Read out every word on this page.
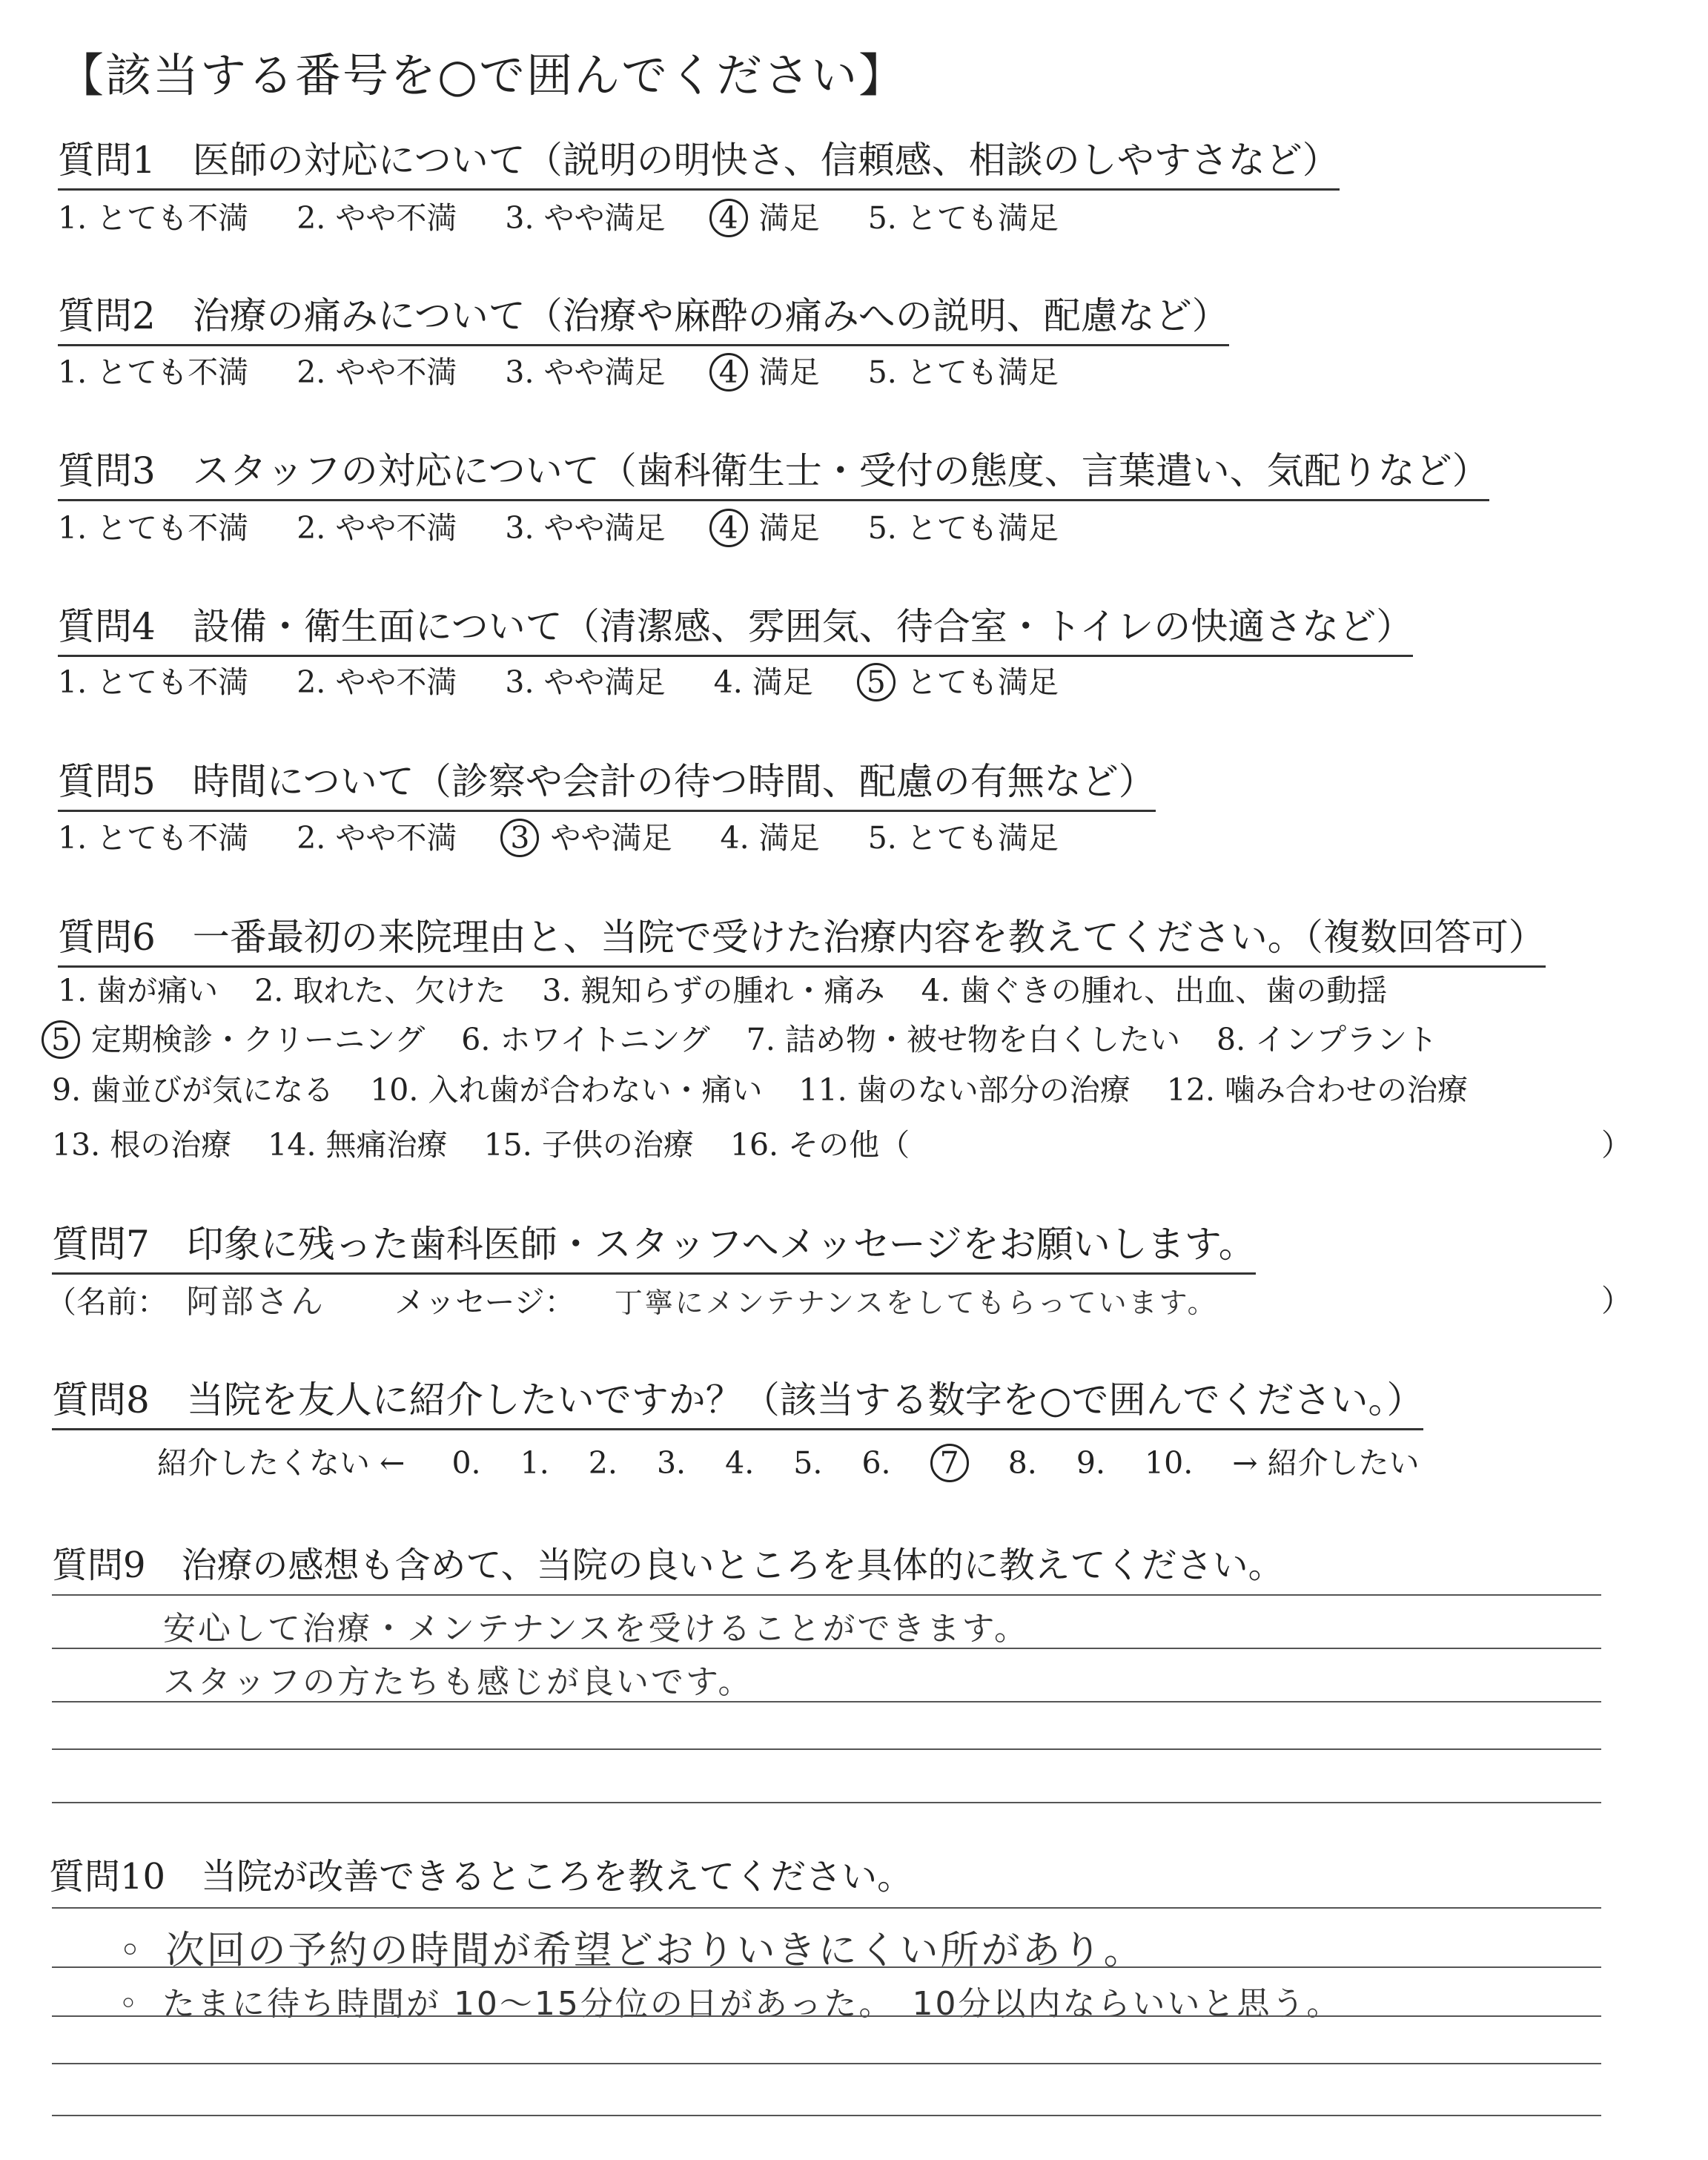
【該当する番号を○で囲んでください】
質問1　医師の対応について（説明の明快さ、信頼感、相談のしやすさなど）
1. とても不満 2. やや不満 3. やや満足 4 満足 5. とても満足
質問2　治療の痛みについて（治療や麻酔の痛みへの説明、配慮など）
1. とても不満 2. やや不満 3. やや満足 4 満足 5. とても満足
質問3　スタッフの対応について（歯科衛生士・受付の態度、言葉遣い、気配りなど）
1. とても不満 2. やや不満 3. やや満足 4 満足 5. とても満足
質問4　設備・衛生面について（清潔感、雰囲気、待合室・トイレの快適さなど）
1. とても不満 2. やや不満 3. やや満足 4. 満足 5 とても満足
質問5　時間について（診察や会計の待つ時間、配慮の有無など）
1. とても不満 2. やや不満 3 やや満足 4. 満足 5. とても満足
質問6　一番最初の来院理由と、当院で受けた治療内容を教えてください。（複数回答可）
1. 歯が痛い 2. 取れた、欠けた 3. 親知らずの腫れ・痛み 4. 歯ぐきの腫れ、出血、歯の動揺
5 定期検診・クリーニング 6. ホワイトニング 7. 詰め物・被せ物を白くしたい 8. インプラント
9. 歯並びが気になる 10. 入れ歯が合わない・痛い 11. 歯のない部分の治療 12. 噛み合わせの治療
13. 根の治療 14. 無痛治療 15. 子供の治療 16. その他（	）
質問7　印象に残った歯科医師・スタッフへメッセージをお願いします。
（名前： 阿部さん メッセージ： 丁寧にメンテナンスをしてもらっています。	）
質問8　当院を友人に紹介したいですか？（該当する数字を○で囲んでください。）
紹介したくない ← 0. 1. 2. 3. 4. 5. 6. 7 8. 9. 10. → 紹介したい
質問9　治療の感想も含めて、当院の良いところを具体的に教えてください。
安心して治療・メンテナンスを受けることができます。
スタッフの方たちも感じが良いです。
質問10　当院が改善できるところを教えてください。
◦ 次回の予約の時間が希望どおりいきにくい所があり。
◦ たまに待ち時間が 10〜15分位の日があった。　10分以内ならいいと思う。
